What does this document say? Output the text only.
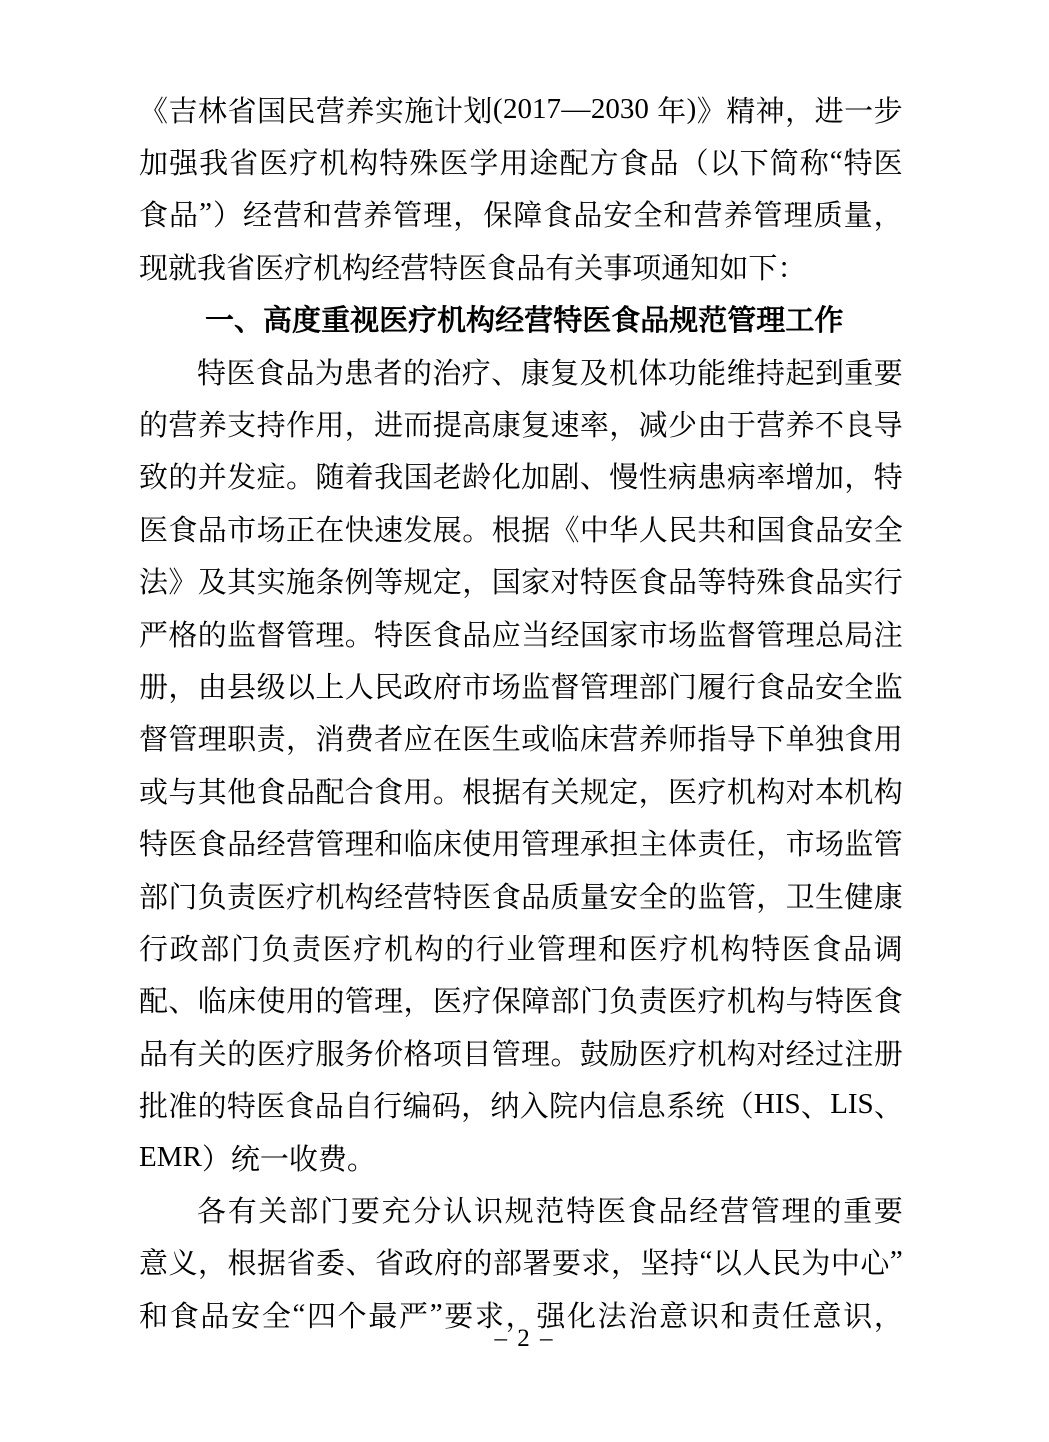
《 吉 林 省 国 民 营 养 实 施 计 划 ( 2017 — 2030
年 ) 》 精 神 ， 进 一 步
加 强 我 省 医 疗 机 构 特 殊 医 学 用 途 配 方 食 品 （ 以 下 简 称 “ 特 医
食 品 ” ） 经 营 和 营 养 管 理 ， 保 障 食 品 安 全 和 营 养 管 理 质 量 ，
现 就 我 省 医 疗 机 构 经 营 特 医 食 品 有 关 事 项 通 知 如 下 ：
一 、 高 度 重 视 医 疗 机 构 经 营 特 医 食 品 规 范 管 理 工 作
特 医 食 品 为 患 者 的 治 疗 、 康 复 及 机 体 功 能 维 持 起 到 重 要
的 营 养 支 持 作 用 ， 进 而 提 高 康 复 速 率 ， 减 少 由 于 营 养 不 良 导
致 的 并 发 症 。 随 着 我 国 老 龄 化 加 剧 、 慢 性 病 患 病 率 增 加 ， 特
医 食 品 市 场 正 在 快 速 发 展 。 根 据 《 中 华 人 民 共 和 国 食 品 安 全
法 》 及 其 实 施 条 例 等 规 定 ， 国 家 对 特 医 食 品 等 特 殊 食 品 实 行
严 格 的 监 督 管 理 。 特 医 食 品 应 当 经 国 家 市 场 监 督 管 理 总 局 注
册 ， 由 县 级 以 上 人 民 政 府 市 场 监 督 管 理 部 门 履 行 食 品 安 全 监
督 管 理 职 责 ， 消 费 者 应 在 医 生 或 临 床 营 养 师 指 导 下 单 独 食 用
或 与 其 他 食 品 配 合 食 用 。 根 据 有 关 规 定 ， 医 疗 机 构 对 本 机 构
特 医 食 品 经 营 管 理 和 临 床 使 用 管 理 承 担 主 体 责 任 ， 市 场 监 管
部 门 负 责 医 疗 机 构 经 营 特 医 食 品 质 量 安 全 的 监 管 ， 卫 生 健 康
行 政 部 门 负 责 医 疗 机 构 的 行 业 管 理 和 医 疗 机 构 特 医 食 品 调
配 、 临 床 使 用 的 管 理 ， 医 疗 保 障 部 门 负 责 医 疗 机 构 与 特 医 食
品 有 关 的 医 疗 服 务 价 格 项 目 管 理 。 鼓 励 医 疗 机 构 对 经 过 注 册
批 准 的 特 医 食 品 自 行 编 码 ， 纳 入 院 内 信 息 系 统 （ HIS 、 LIS 、
EMR ） 统 一 收 费 。
各 有 关 部 门 要 充 分 认 识 规 范 特 医 食 品 经 营 管 理 的 重 要
意 义 ， 根 据 省 委 、 省 政 府 的 部 署 要 求 ， 坚 持 “ 以 人 民 为 中 心 ”
和 食 品 安 全 “ 四 个 最 严 ” 要 求 ， 强 化 法 治 意 识 和 责 任 意 识 ，
– 2 –
